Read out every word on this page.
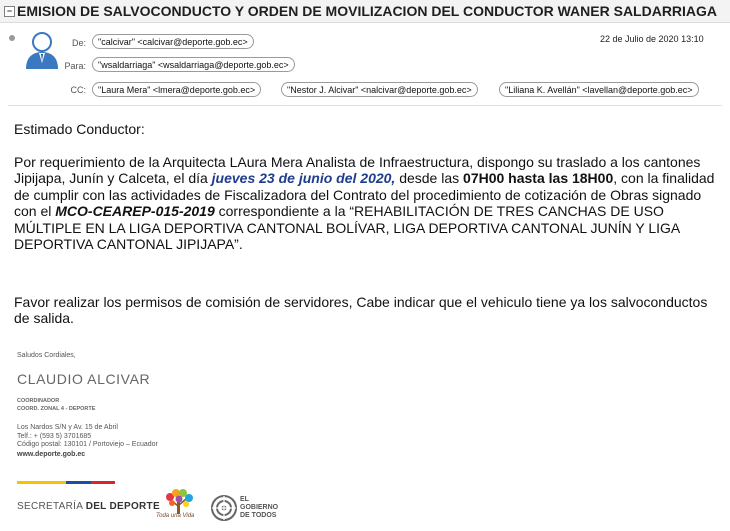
− EMISION DE SALVOCONDUCTO Y ORDEN DE MOVILIZACION DEL CONDUCTOR WANER SALDARRIAGA
De:	"calcivar" <calcivar@deporte.gob.ec>
Para:	"wsaldarriaga" <wsaldarriaga@deporte.gob.ec>
CC:	"Laura Mera" <lmera@deporte.gob.ec>	"Nestor J. Alcivar" <nalcivar@deporte.gob.ec>	"Liliana K. Avellán" <lavellan@deporte.gob.ec>
22 de Julio de 2020 13:10

Estimado Conductor:

Por requerimiento de la Arquitecta LAura Mera Analista de Infraestructura, dispongo su traslado a los cantones Jipijapa, Junín y Calceta, el día jueves 23 de junio del 2020, desde las 07H00 hasta las 18H00, con la finalidad de cumplir con las actividades de Fiscalizadora del Contrato del procedimiento de cotización de Obras signado con el MCO-CEAREP-015-2019 correspondiente a la “REHABILITACIÓN DE TRES CANCHAS DE USO MÚLTIPLE EN LA LIGA DEPORTIVA CANTONAL BOLÍVAR, LIGA DEPORTIVA CANTONAL JUNÍN Y LIGA DEPORTIVA CANTONAL JIPIJAPA”.

Favor realizar los permisos de comisión de servidores, Cabe indicar que el vehiculo tiene ya los salvoconductos de salida.

Saludos Cordiales,
CLAUDIO ALCIVAR
COORDINADOR
COORD. ZONAL 4 - DEPORTE
Los Nardos S/N y Av. 15 de Abril
Telf.: + (593 5) 3701685
Código postal: 130101 / Portoviejo – Ecuador
www.deporte.gob.ec
SECRETARÍA DEL DEPORTE
Toda una Vida
EL
GOBIERNO
DE TODOS
